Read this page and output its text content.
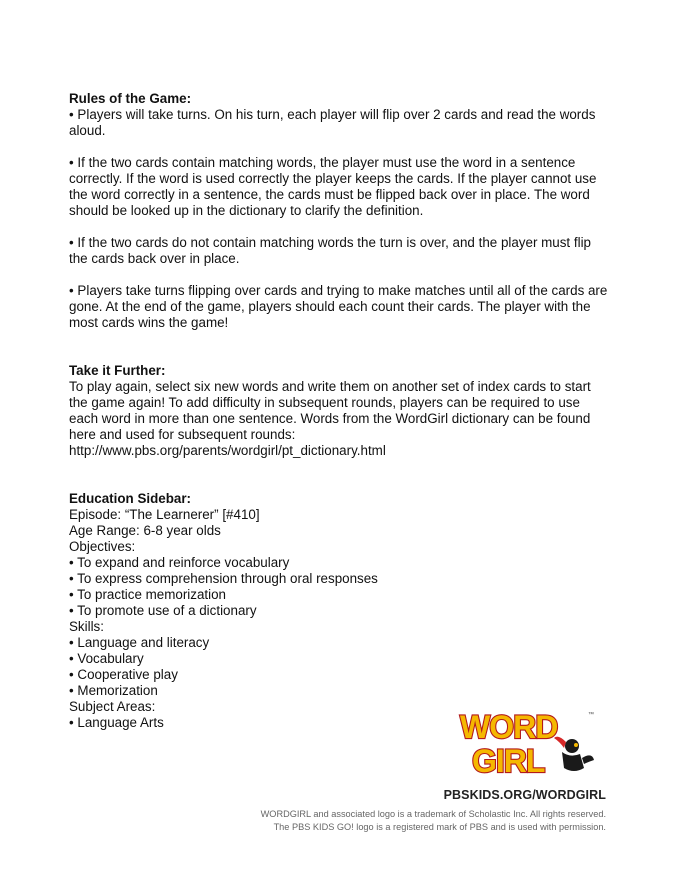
Rules of the Game:

• Players will take turns. On his turn, each player will flip over 2 cards and read the words aloud.

• If the two cards contain matching words, the player must use the word in a sentence correctly. If the word is used correctly the player keeps the cards. If the player cannot use the word correctly in a sentence, the cards must be flipped back over in place. The word should be looked up in the dictionary to clarify the definition.

• If the two cards do not contain matching words the turn is over, and the player must flip the cards back over in place.

• Players take turns flipping over cards and trying to make matches until all of the cards are gone. At the end of the game, players should each count their cards. The player with the most cards wins the game!

Take it Further:

To play again, select six new words and write them on another set of index cards to start the game again! To add difficulty in subsequent rounds, players can be required to use each word in more than one sentence. Words from the WordGirl dictionary can be found here and used for subsequent rounds:

http://www.pbs.org/parents/wordgirl/pt_dictionary.html

Education Sidebar:

Episode: “The Learnerer” [#410]

Age Range: 6-8 year olds

Objectives:

• To expand and reinforce vocabulary

• To express comprehension through oral responses

• To practice memorization

• To promote use of a dictionary

Skills:

• Language and literacy

• Vocabulary

• Cooperative play

• Memorization

Subject Areas:

• Language Arts	WORD	™
GIRL
PBSKIDS.ORG/WORDGIRL
WORDGIRL and associated logo is a trademark of Scholastic Inc. All rights reserved.
The PBS KIDS GO! logo is a registered mark of PBS and is used with permission.
